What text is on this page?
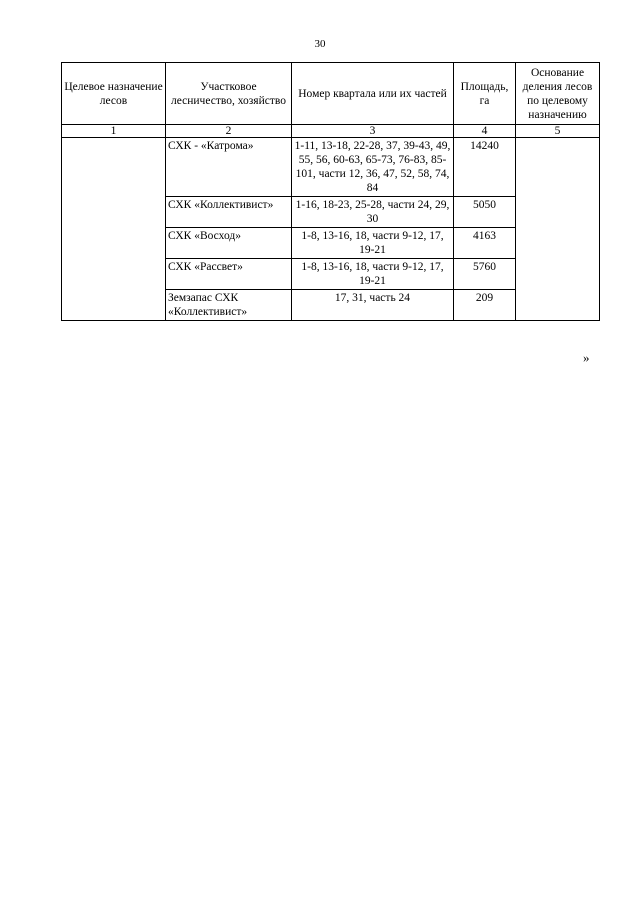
30
Целевое назначение лесов	Участковое лесничество, хозяйство	Номер квартала или их частей	Площадь, га	Основание деления лесов по целевому назначению
1	2	3	4	5
	СХК - «Катрома»	1-11, 13-18, 22-28, 37, 39-43, 49, 55, 56, 60-63, 65-73, 76-83, 85-101, части 12, 36, 47, 52, 58, 74, 84	14240	
	СХК «Коллективист»	1-16, 18-23, 25-28, части 24, 29, 30	5050	
	СХК «Восход»	1-8, 13-16, 18, части 9-12, 17, 19-21	4163	
	СХК «Рассвет»	1-8, 13-16, 18, части 9-12, 17, 19-21	5760	
	Земзапас СХК «Коллективист»	17, 31, часть 24	209	
»
